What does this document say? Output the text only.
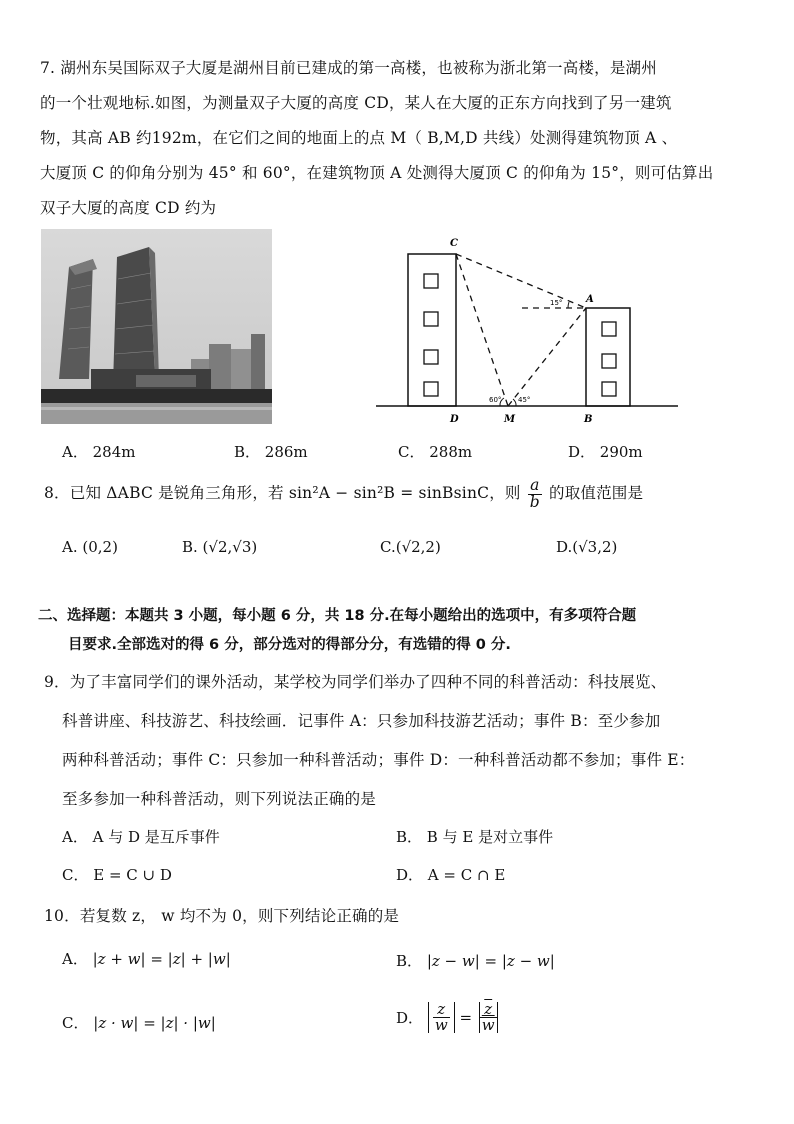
7. 湖州东吴国际双子大厦是湖州目前已建成的第一高楼，也被称为浙北第一高楼，是湖州
的一个壮观地标.如图，为测量双子大厦的高度 CD，某人在大厦的正东方向找到了另一建筑
物，其高 AB 约192m，在它们之间的地面上的点 M（ B,M,D 共线）处测得建筑物顶 A 、
大厦顶 C 的仰角分别为 45° 和 60°，在建筑物顶 A 处测得大厦顶 C 的仰角为 15°，则可估算出
双子大厦的高度 CD 约为
C
A
D	M	B
15°
60° 45°
A． 284m	B． 286m	C． 288m	D． 290m
8．已知 ΔABC 是锐角三角形，若 sin²A − sin²B = sinBsinC，则 $\frac{a}{b}$ 的取值范围是
A. (0,2)	B. (√2,√3)	C.(√2,2)	D.(√3,2)
二、选择题：本题共 3 小题，每小题 6 分，共 18 分.在每小题给出的选项中，有多项符合题
目要求.全部选对的得 6 分，部分选对的得部分分，有选错的得 0 分.
9．为了丰富同学们的课外活动，某学校为同学们举办了四种不同的科普活动：科技展览、
科普讲座、科技游艺、科技绘画．记事件 A：只参加科技游艺活动；事件 B：至少参加
两种科普活动；事件 C：只参加一种科普活动；事件 D：一种科普活动都不参加；事件 E：
至多参加一种科普活动，则下列说法正确的是
A． A 与 D 是互斥事件	B． B 与 E 是对立事件
C． E = C ∪ D	D． A = C ∩ E
10．若复数 z， w 均不为 0，则下列结论正确的是
A． |z + w| = |z| + |w|	B． |z − w| = |z − w|
C． |z · w| = |z| · |w|	D． $\frac{z}{w} = \frac{\overline{z}}{w}$
